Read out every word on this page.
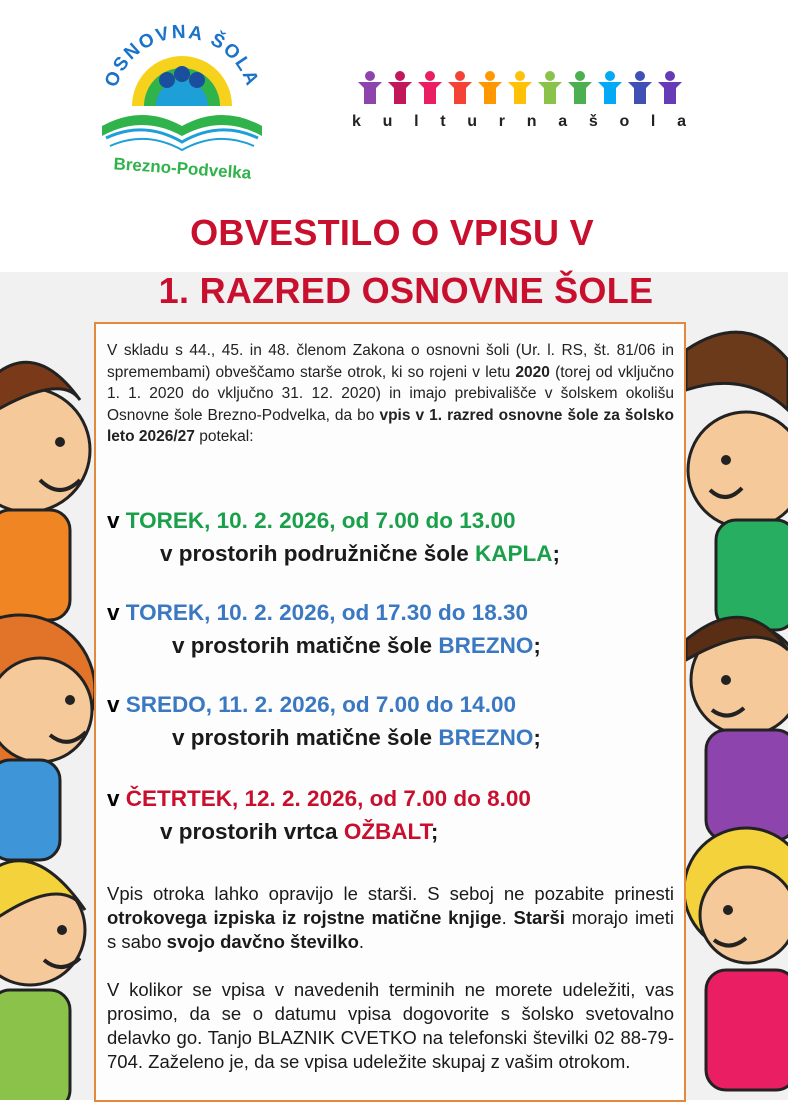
OSNOVNA ŠOLA
Brezno-Podvelka
kulturnašola
OBVESTILO O VPISU V
1. RAZRED OSNOVNE ŠOLE
V skladu s 44., 45. in 48. členom Zakona o osnovni šoli (Ur. l. RS, št. 81/06 in spremembami) obveščamo starše otrok, ki so rojeni v letu 2020 (torej od vključno 1. 1. 2020 do vključno 31. 12. 2020) in imajo prebivališče v šolskem okolišu Osnovne šole Brezno-Podvelka, da bo vpis v 1. razred osnovne šole za šolsko leto 2026/27 potekal:
v TOREK, 10. 2. 2026, od 7.00 do 13.00
v prostorih podružnične šole KAPLA;
v TOREK, 10. 2. 2026, od 17.30 do 18.30
v prostorih matične šole BREZNO;
v SREDO, 11. 2. 2026, od 7.00 do 14.00
v prostorih matične šole BREZNO;
v ČETRTEK, 12. 2. 2026, od 7.00 do 8.00
v prostorih vrtca OŽBALT;
Vpis otroka lahko opravijo le starši. S seboj ne pozabite prinesti otrokovega izpiska iz rojstne matične knjige. Starši morajo imeti s sabo svojo davčno številko.
V kolikor se vpisa v navedenih terminih ne morete udeležiti, vas prosimo, da se o datumu vpisa dogovorite s šolsko svetovalno delavko go. Tanjo BLAZNIK CVETKO na telefonski številki 02 88-79-704. Zaželeno je, da se vpisa udeležite skupaj z vašim otrokom.
